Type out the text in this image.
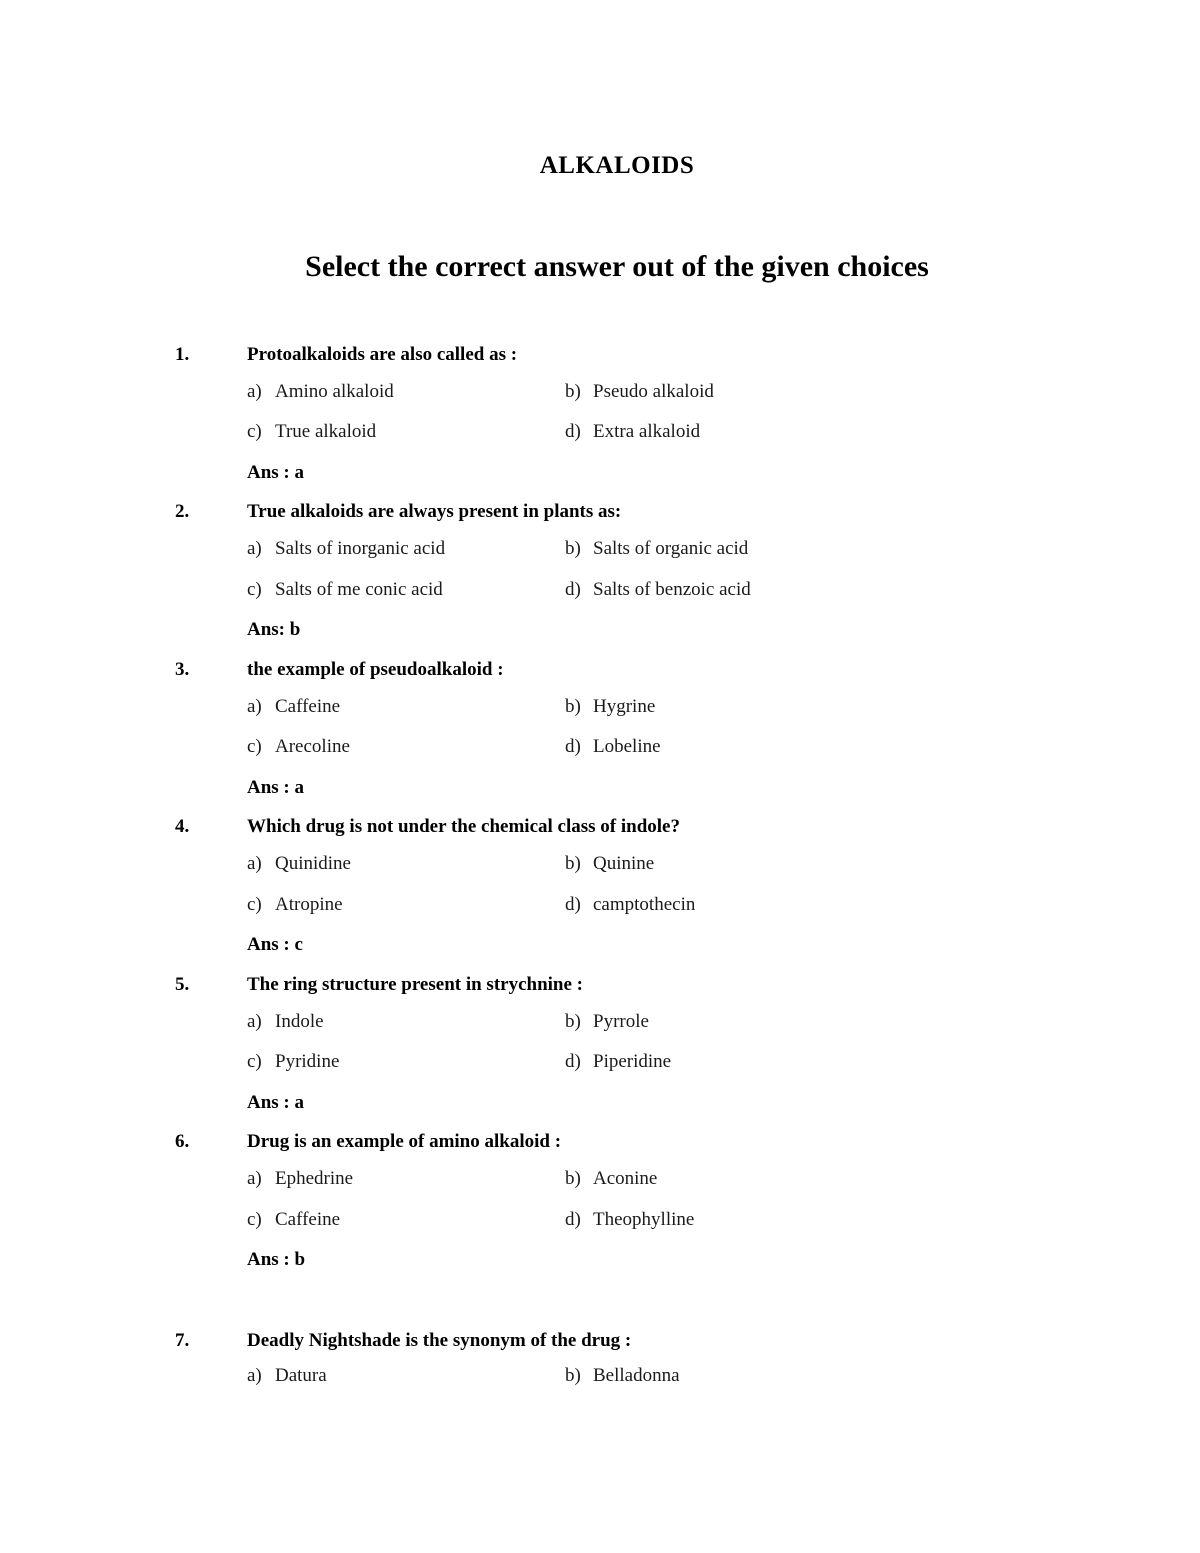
ALKALOIDS
Select the correct answer out of the given choices
1.	Protoalkaloids are also called as :
a) Amino alkaloid	b) Pseudo alkaloid
c) True alkaloid	d) Extra alkaloid
Ans : a
2.	True alkaloids are always present in plants as:
a) Salts of inorganic acid	b) Salts of organic acid
c) Salts of me conic acid	d) Salts of benzoic acid
Ans: b
3.	the example of pseudoalkaloid :
a) Caffeine	b) Hygrine
c) Arecoline	d) Lobeline
Ans : a
4.	Which drug is not under the chemical class of indole?
a) Quinidine	b) Quinine
c) Atropine	d) camptothecin
Ans : c
5.	The ring structure present in strychnine :
a) Indole	b) Pyrrole
c) Pyridine	d) Piperidine
Ans : a
6.	Drug is an example of amino alkaloid :
a) Ephedrine	b) Aconine
c) Caffeine	d) Theophylline
Ans : b
7.	Deadly Nightshade is the synonym of the drug :
a) Datura	b) Belladonna
